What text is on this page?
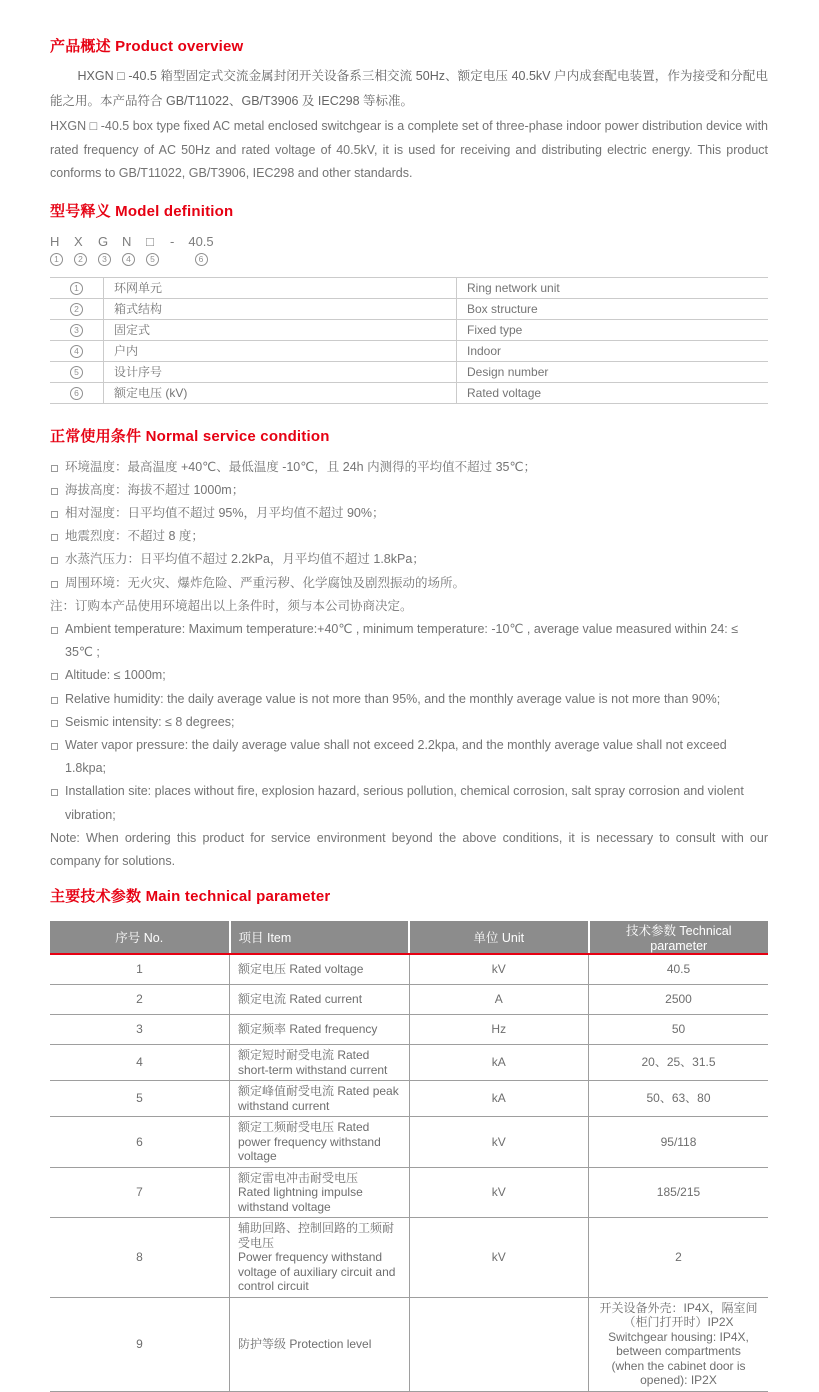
产品概述 Product overview

HXGN □ -40.5 箱型固定式交流金属封闭开关设备系三相交流 50Hz、额定电压 40.5kV 户内成套配电装置，作为接受和分配电能之用。本产品符合 GB/T11022、GB/T3906 及 IEC298 等标准。

HXGN □ -40.5 box type fixed AC metal enclosed switchgear is a complete set of three-phase indoor power distribution device with rated frequency of AC 50Hz and rated voltage of 40.5kV, it is used for receiving and distributing electric energy. This product conforms to GB/T11022, GB/T3906, IEC298 and other standards.

型号释义 Model definition
H
1
X
2
G
3
N
4
□
5
- 40.5
6
1	环网单元	Ring network unit
2	箱式结构	Box structure
3	固定式	Fixed type
4	户内	Indoor
5	设计序号	Design number
6	额定电压 (kV)	Rated voltage
正常使用条件 Normal service condition
环境温度：最高温度 +40℃、最低温度 -10℃，且 24h 内测得的平均值不超过 35℃；
海拔高度：海拔不超过 1000m；
相对湿度：日平均值不超过 95%，月平均值不超过 90%；
地震烈度：不超过 8 度；
水蒸汽压力：日平均值不超过 2.2kPa，月平均值不超过 1.8kPa；
周围环境：无火灾、爆炸危险、严重污秽、化学腐蚀及剧烈振动的场所。
注：订购本产品使用环境超出以上条件时，须与本公司协商决定。
Ambient temperature: Maximum temperature:+40℃ , minimum temperature: -10℃ , average value measured within 24: ≤ 35℃ ;
Altitude: ≤ 1000m;
Relative humidity: the daily average value is not more than 95%, and the monthly average value is not more than 90%;
Seismic intensity: ≤ 8 degrees;
Water vapor pressure: the daily average value shall not exceed 2.2kpa, and the monthly average value shall not exceed 1.8kpa;
Installation site: places without fire, explosion hazard, serious pollution, chemical corrosion, salt spray corrosion and violent vibration;
Note: When ordering this product for service environment beyond the above conditions, it is necessary to consult with our company for solutions.
主要技术参数 Main technical parameter
序号 No.	项目 Item	单位 Unit	技术参数 Technical parameter
1	额定电压 Rated voltage	kV	40.5
2	额定电流 Rated current	A	2500
3	额定频率 Rated frequency	Hz	50
4	额定短时耐受电流 Rated short-term withstand current	kA	20、25、31.5
5	额定峰值耐受电流 Rated peak withstand current	kA	50、63、80
6	额定工频耐受电压 Rated power frequency withstand voltage	kV	95/118
7	额定雷电冲击耐受电压
Rated lightning impulse withstand voltage	kV	185/215
8	辅助回路、控制回路的工频耐受电压
Power frequency withstand voltage of auxiliary circuit and control circuit	kV	2
9	防护等级 Protection level		开关设备外壳：IP4X，隔室间（柜门打开时）IP2X
Switchgear housing: IP4X, between compartments
(when the cabinet door is opened): IP2X
